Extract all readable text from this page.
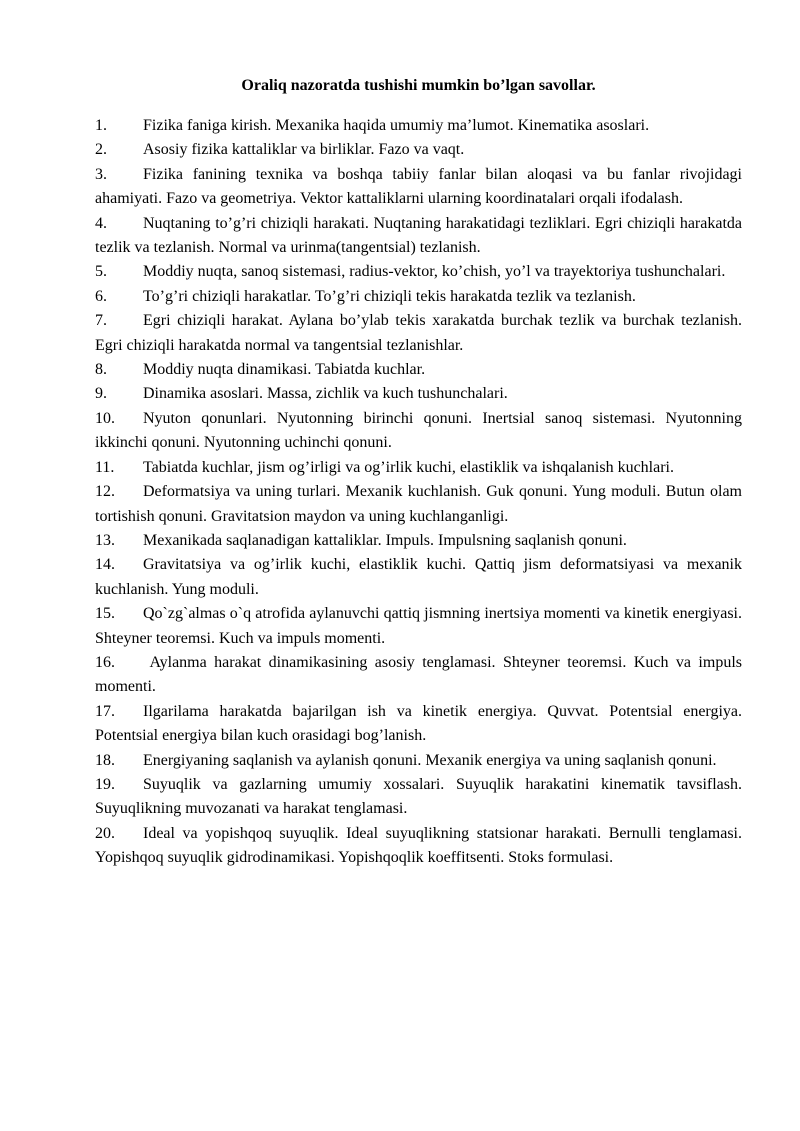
Oraliq nazoratda tushishi mumkin bo’lgan savollar.

1. Fizika faniga kirish. Mexanika haqida umumiy ma’lumot. Kinematika asoslari.

2. Asosiy fizika kattaliklar va birliklar. Fazo va vaqt.

3. Fizika fanining texnika va boshqa tabiiy fanlar bilan aloqasi va bu fanlar rivojidagi ahamiyati. Fazo va geometriya. Vektor kattaliklarni ularning koordinatalari orqali ifodalash.

4. Nuqtaning to’g’ri chiziqli harakati. Nuqtaning harakatidagi tezliklari. Egri chiziqli harakatda tezlik va tezlanish. Normal va urinma(tangentsial) tezlanish.

5. Moddiy nuqta, sanoq sistemasi, radius-vektor, ko’chish, yo’l va trayektoriya tushunchalari.

6. To’g’ri chiziqli harakatlar. To’g’ri chiziqli tekis harakatda tezlik va tezlanish.

7. Egri chiziqli harakat. Aylana bo’ylab tekis xarakatda burchak tezlik va burchak tezlanish. Egri chiziqli harakatda normal va tangentsial tezlanishlar.

8. Moddiy nuqta dinamikasi. Tabiatda kuchlar.

9. Dinamika asoslari. Massa, zichlik va kuch tushunchalari.

10. Nyuton qonunlari. Nyutonning birinchi qonuni. Inertsial sanoq sistemasi. Nyutonning ikkinchi qonuni. Nyutonning uchinchi qonuni.

11. Tabiatda kuchlar, jism og’irligi va og’irlik kuchi, elastiklik va ishqalanish kuchlari.

12. Deformatsiya va uning turlari. Mexanik kuchlanish. Guk qonuni. Yung moduli. Butun olam tortishish qonuni. Gravitatsion maydon va uning kuchlanganligi.

13. Mexanikada saqlanadigan kattaliklar. Impuls. Impulsning saqlanish qonuni.

14. Gravitatsiya va og’irlik kuchi, elastiklik kuchi. Qattiq jism deformatsiyasi va mexanik kuchlanish. Yung moduli.

15. Qo`zg`almas o`q atrofida aylanuvchi qattiq jismning inertsiya momenti va kinetik energiyasi. Shteyner teoremsi. Kuch va impuls momenti.

16. Aylanma harakat dinamikasining asosiy tenglamasi. Shteyner teoremsi. Kuch va impuls momenti.

17. Ilgarilama harakatda bajarilgan ish va kinetik energiya. Quvvat. Potentsial energiya. Potentsial energiya bilan kuch orasidagi bog’lanish.

18. Energiyaning saqlanish va aylanish qonuni. Mexanik energiya va uning saqlanish qonuni.

19. Suyuqlik va gazlarning umumiy xossalari. Suyuqlik harakatini kinematik tavsiflash. Suyuqlikning muvozanati va harakat tenglamasi.

20. Ideal va yopishqoq suyuqlik. Ideal suyuqlikning statsionar harakati. Bernulli tenglamasi. Yopishqoq suyuqlik gidrodinamikasi. Yopishqoqlik koeffitsenti. Stoks formulasi.
